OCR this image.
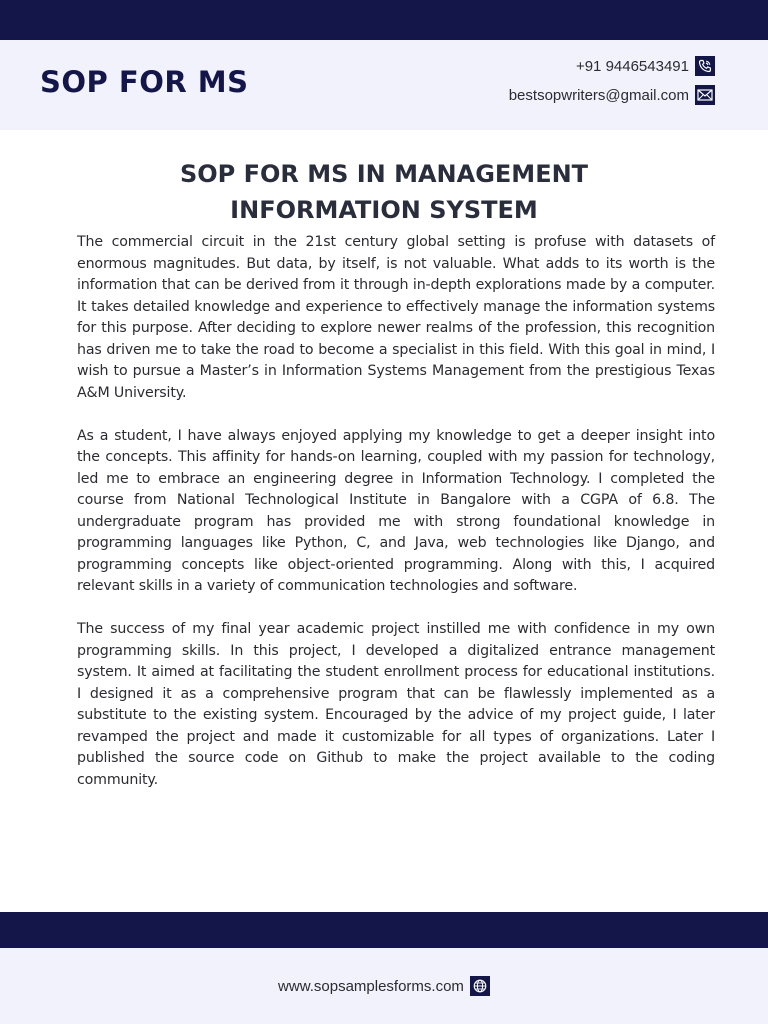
SOP FOR MS	+91 9446543491
bestsopwriters@gmail.com
SOP FOR MS IN MANAGEMENT
INFORMATION SYSTEM

The commercial circuit in the 21st century global setting is profuse with datasets of enormous magnitudes. But data, by itself, is not valuable. What adds to its worth is the information that can be derived from it through in-depth explorations made by a computer. It takes detailed knowledge and experience to effectively manage the information systems for this purpose. After deciding to explore newer realms of the profession, this recognition has driven me to take the road to become a specialist in this field. With this goal in mind, I wish to pursue a Master’s in Information Systems Management from the prestigious Texas A&M University.

As a student, I have always enjoyed applying my knowledge to get a deeper insight into the concepts. This affinity for hands-on learning, coupled with my passion for technology, led me to embrace an engineering degree in Information Technology. I completed the course from National Technological Institute in Bangalore with a CGPA of 6.8. The undergraduate program has provided me with strong foundational knowledge in programming languages like Python, C, and Java, web technologies like Django, and programming concepts like object-oriented programming. Along with this, I acquired relevant skills in a variety of communication technologies and software.

The success of my final year academic project instilled me with confidence in my own programming skills. In this project, I developed a digitalized entrance management system. It aimed at facilitating the student enrollment process for educational institutions. I designed it as a comprehensive program that can be flawlessly implemented as a substitute to the existing system. Encouraged by the advice of my project guide, I later revamped the project and made it customizable for all types of organizations. Later I published the source code on Github to make the project available to the coding community.

www.sopsamplesforms.com
